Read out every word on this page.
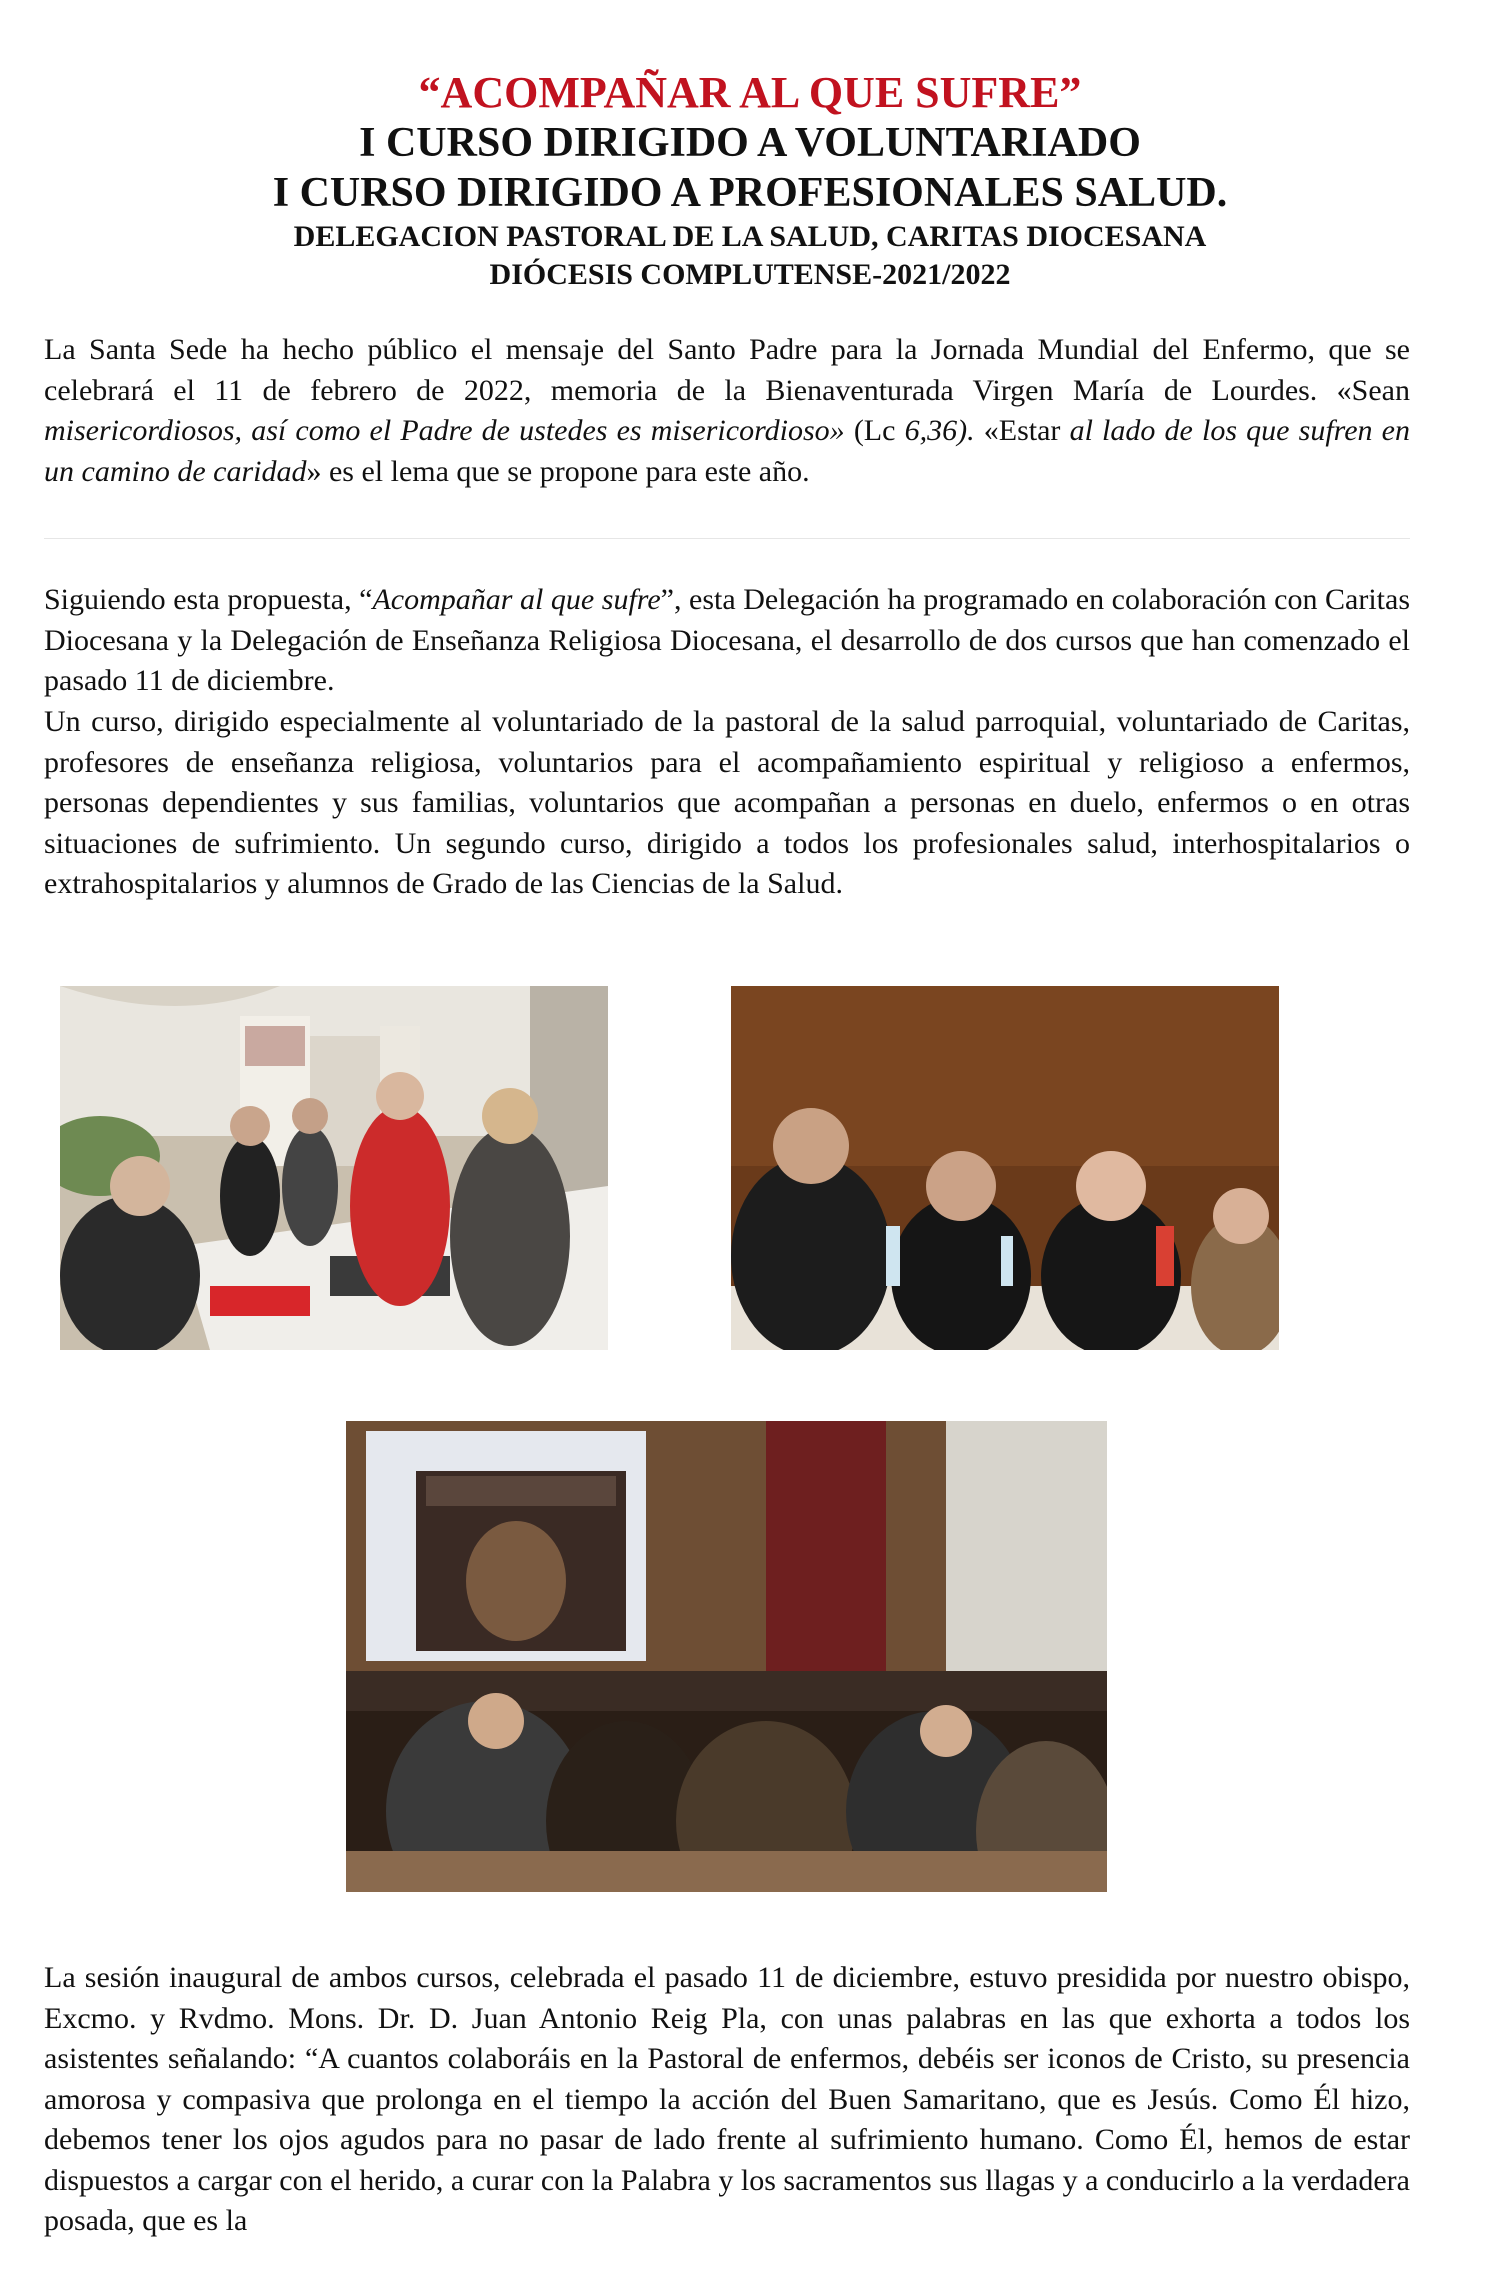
“ACOMPAÑAR AL QUE SUFRE”
I CURSO DIRIGIDO A VOLUNTARIADO
I CURSO DIRIGIDO A PROFESIONALES SALUD.
DELEGACION PASTORAL DE LA SALUD, CARITAS DIOCESANA
DIÓCESIS COMPLUTENSE-2021/2022

La Santa Sede ha hecho público el mensaje del Santo Padre para la Jornada Mundial del Enfermo, que se celebrará el 11 de febrero de 2022, memoria de la Bienaventurada Virgen María de Lourdes. «Sean misericordiosos, así como el Padre de ustedes es misericordioso» (Lc 6,36). «Estar al lado de los que sufren en un camino de caridad» es el lema que se propone para este año.

Siguiendo esta propuesta, “Acompañar al que sufre”, esta Delegación ha programado en colaboración con Caritas Diocesana y la Delegación de Enseñanza Religiosa Diocesana, el desarrollo de dos cursos que han comenzado el pasado 11 de diciembre.

Un curso, dirigido especialmente al voluntariado de la pastoral de la salud parroquial, voluntariado de Caritas, profesores de enseñanza religiosa, voluntarios para el acompañamiento espiritual y religioso a enfermos, personas dependientes y sus familias, voluntarios que acompañan a personas en duelo, enfermos o en otras situaciones de sufrimiento. Un segundo curso, dirigido a todos los profesionales salud, interhospitalarios o extrahospitalarios y alumnos de Grado de las Ciencias de la Salud.

La sesión inaugural de ambos cursos, celebrada el pasado 11 de diciembre, estuvo presidida por nuestro obispo, Excmo. y Rvdmo. Mons. Dr. D. Juan Antonio Reig Pla, con unas palabras en las que exhorta a todos los asistentes señalando: “A cuantos colaboráis en la Pastoral de enfermos, debéis ser iconos de Cristo, su presencia amorosa y compasiva que prolonga en el tiempo la acción del Buen Samaritano, que es Jesús. Como Él hizo, debemos tener los ojos agudos para no pasar de lado frente al sufrimiento humano. Como Él, hemos de estar dispuestos a cargar con el herido, a curar con la Palabra y los sacramentos sus llagas y a conducirlo a la verdadera posada, que es la
